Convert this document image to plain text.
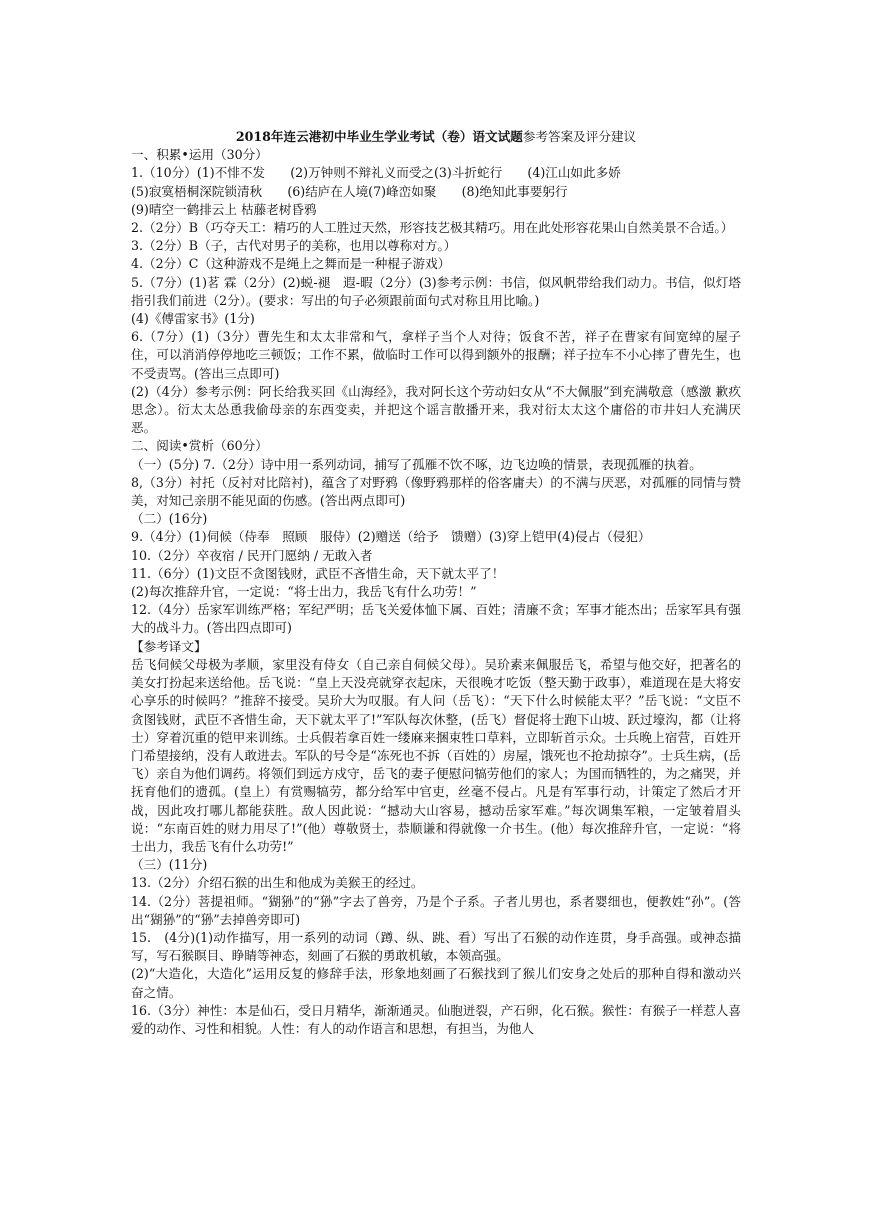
2018年连云港初中毕业生学业考试（卷）语文试题参考答案及评分建议
一、积累•运用（30分）
1.（10分）(1)不悱不发　　(2)万钟则不辩礼义而受之(3)斗折蛇行　　(4)江山如此多娇
(5)寂寞梧桐深院锁清秋　　(6)结庐在人境(7)峰峦如聚　　(8)绝知此事要躬行
(9)晴空一鹤排云上 枯藤老树昏鸦
2.（2分）B（巧夺天工：精巧的人工胜过天然，形容技艺极其精巧。用在此处形容花果山自然美景不合适。）
3.（2分）B（子，古代对男子的美称，也用以尊称对方。）
4.（2分）C（这种游戏不是绳上之舞而是一种棍子游戏）
5.（7分）(1)茗 霖（2分）(2)蜕-褪　遐-暇（2分）(3)参考示例：书信，似风帆带给我们动力。书信，似灯塔指引我们前进（2分）。(要求：写出的句子必须跟前面句式对称且用比喻。)
(4)《傅雷家书》(1分)
6.（7分）(1)（3分）曹先生和太太非常和气，拿样子当个人对待；饭食不苦，祥子在曹家有间宽绰的屋子住，可以消消停停地吃三顿饭；工作不累，做临时工作可以得到额外的报酬；祥子拉车不小心摔了曹先生，也不受责骂。(答出三点即可)
(2)（4分）参考示例：阿长给我买回《山海经》，我对阿长这个劳动妇女从“不大佩服”到充满敬意（感激 歉疚 思念）。衍太太怂恿我偷母亲的东西变卖，并把这个谣言散播开来，我对衍太太这个庸俗的市井妇人充满厌恶。
二、阅读•赏析（60分）
（一）(5分) 7.（2分）诗中用一系列动词，捕写了孤雁不饮不啄，边飞边唤的情景，表现孤雁的执着。
8,（3分）衬托（反衬对比陪衬)，蕴含了对野鸦（像野鸦那样的俗客庸夫）的不满与厌恶，对孤雁的同情与赞美，对知己亲朋不能见面的伤感。(答出两点即可)
（二）(16分)
9.（4分）(1)伺候（侍奉　照顾　服侍）(2)赠送（给予　馈赠）(3)穿上铠甲(4)侵占（侵犯）
10.（2分）卒夜宿 / 民开门愿纳 / 无敢入者
11.（6分）(1)文臣不贪图钱财，武臣不吝惜生命，天下就太平了！
(2)每次推辞升官，一定说：“将士出力，我岳飞有什么功劳！”
12.（4分）岳家军训练严格；军纪严明；岳飞关爱体恤下属、百姓；清廉不贪；军事才能杰出；岳家军具有强大的战斗力。(答出四点即可)
【参考译文】
岳飞伺候父母极为孝顺，家里没有侍女（自己亲自伺候父母）。吴玠素来佩服岳飞，希望与他交好，把著名的美女打扮起来送给他。岳飞说：“皇上天没亮就穿衣起床，天很晚才吃饭（整天勤于政事），难道现在是大将安心享乐的时候吗？”推辞不接受。吴玠大为叹服。有人问（岳飞）：“天下什么时候能太平？”岳飞说：“文臣不贪图钱财，武臣不吝惜生命，天下就太平了!”军队每次休整，(岳飞）督促将士跑下山坡、跃过壕沟，都（让将士）穿着沉重的铠甲来训练。士兵假若拿百姓一缕麻来捆束牲口草料，立即斩首示众。士兵晚上宿营，百姓开门希望接纳，没有人敢进去。军队的号令是“冻死也不拆（百姓的）房屋，饿死也不抢劫掠夺”。士兵生病，(岳飞）亲自为他们调药。将领们到远方戍守，岳飞的妻子便慰问犒劳他们的家人；为国而牺牲的，为之痛哭，并抚育他们的遗孤。(皇上）有赏赐犒劳，都分给军中官吏，丝毫不侵占。凡是有军事行动，计策定了然后才开战，因此攻打哪儿都能获胜。敌人因此说：“撼动大山容易，撼动岳家军难。”每次调集军粮，一定皱着眉头说：“东南百姓的财力用尽了!”(他）尊敬贤士，恭顺谦和得就像一介书生。(他）每次推辞升官，一定说：“将士出力，我岳飞有什么功劳!”
（三）(11分)
13.（2分）介绍石猴的出生和他成为美猴王的经过。
14.（2分）菩提祖师。“猢狲”的“狲”字去了兽旁，乃是个子系。子者儿男也，系者婴细也，便教姓“孙”。(答出“猢狲”的“狲”去掉兽旁即可)
15.　(4分)(1)动作描写，用一系列的动词（蹲、纵、跳、看）写出了石猴的动作连贯，身手高强。或神态描写，写石猴瞑目、睁睛等神态，刻画了石猴的勇敢机敏，本领高强。
(2)“大造化，大造化”运用反复的修辞手法，形象地刻画了石猴找到了猴儿们安身之处后的那种自得和激动兴奋之情。
16.（3分）神性：本是仙石，受日月精华，渐渐通灵。仙胞迸裂，产石卵，化石猴。猴性：有猴子一样惹人喜爱的动作、习性和相貌。人性：有人的动作语言和思想，有担当，为他人
